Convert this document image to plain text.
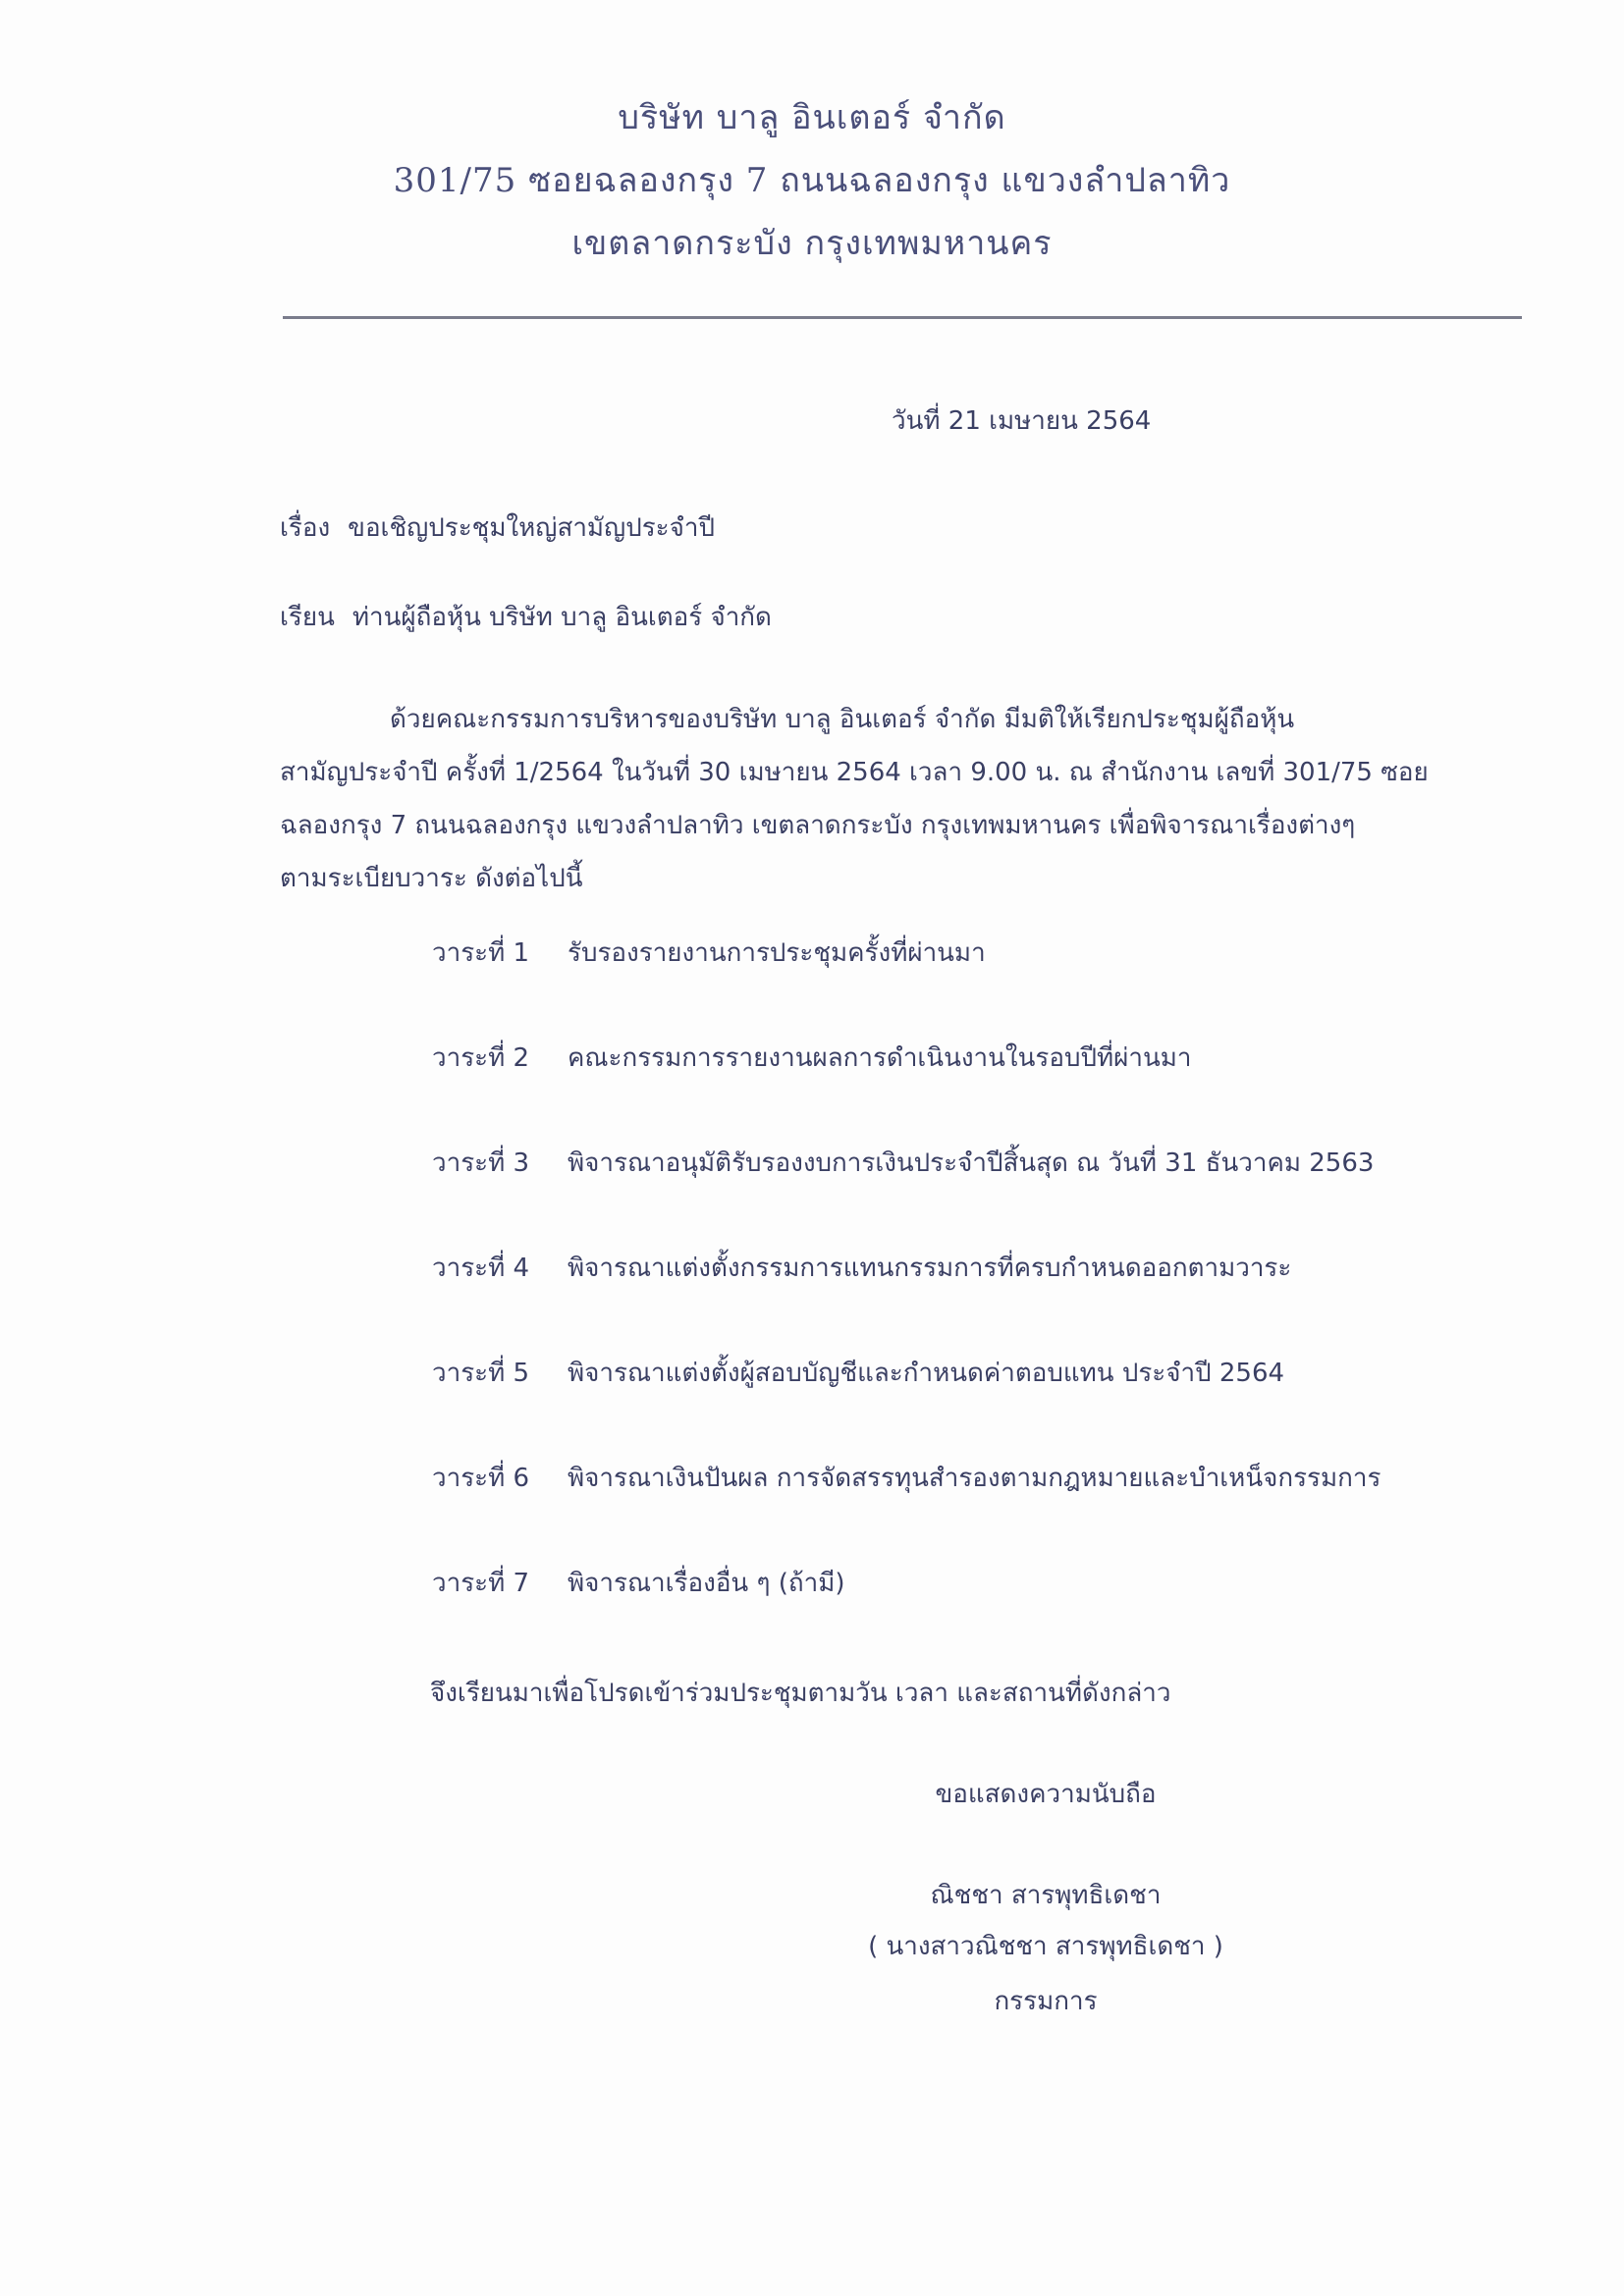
บริษัท บาลู อินเตอร์ จำกัด
301/75 ซอยฉลองกรุง 7 ถนนฉลองกรุง แขวงลำปลาทิว
เขตลาดกระบัง กรุงเทพมหานคร
วันที่ 21 เมษายน 2564
เรื่อง ขอเชิญประชุมใหญ่สามัญประจำปี
เรียน ท่านผู้ถือหุ้น บริษัท บาลู อินเตอร์ จำกัด
ด้วยคณะกรรมการบริหารของบริษัท บาลู อินเตอร์ จำกัด มีมติให้เรียกประชุมผู้ถือหุ้น
สามัญประจำปี ครั้งที่ 1/2564 ในวันที่ 30 เมษายน 2564 เวลา 9.00 น. ณ สำนักงาน เลขที่ 301/75 ซอย
ฉลองกรุง 7 ถนนฉลองกรุง แขวงลำปลาทิว เขตลาดกระบัง กรุงเทพมหานคร เพื่อพิจารณาเรื่องต่างๆ
ตามระเบียบวาระ ดังต่อไปนี้
วาระที่ 1 รับรองรายงานการประชุมครั้งที่ผ่านมา
วาระที่ 2 คณะกรรมการรายงานผลการดำเนินงานในรอบปีที่ผ่านมา
วาระที่ 3 พิจารณาอนุมัติรับรองงบการเงินประจำปีสิ้นสุด ณ วันที่ 31 ธันวาคม 2563
วาระที่ 4 พิจารณาแต่งตั้งกรรมการแทนกรรมการที่ครบกำหนดออกตามวาระ
วาระที่ 5 พิจารณาแต่งตั้งผู้สอบบัญชีและกำหนดค่าตอบแทน ประจำปี 2564
วาระที่ 6 พิจารณาเงินปันผล การจัดสรรทุนสำรองตามกฎหมายและบำเหน็จกรรมการ
วาระที่ 7 พิจารณาเรื่องอื่น ๆ (ถ้ามี)
จึงเรียนมาเพื่อโปรดเข้าร่วมประชุมตามวัน เวลา และสถานที่ดังกล่าว
ขอแสดงความนับถือ
ณิชชา สารพุทธิเดชา
( นางสาวณิชชา สารพุทธิเดชา )
กรรมการ
